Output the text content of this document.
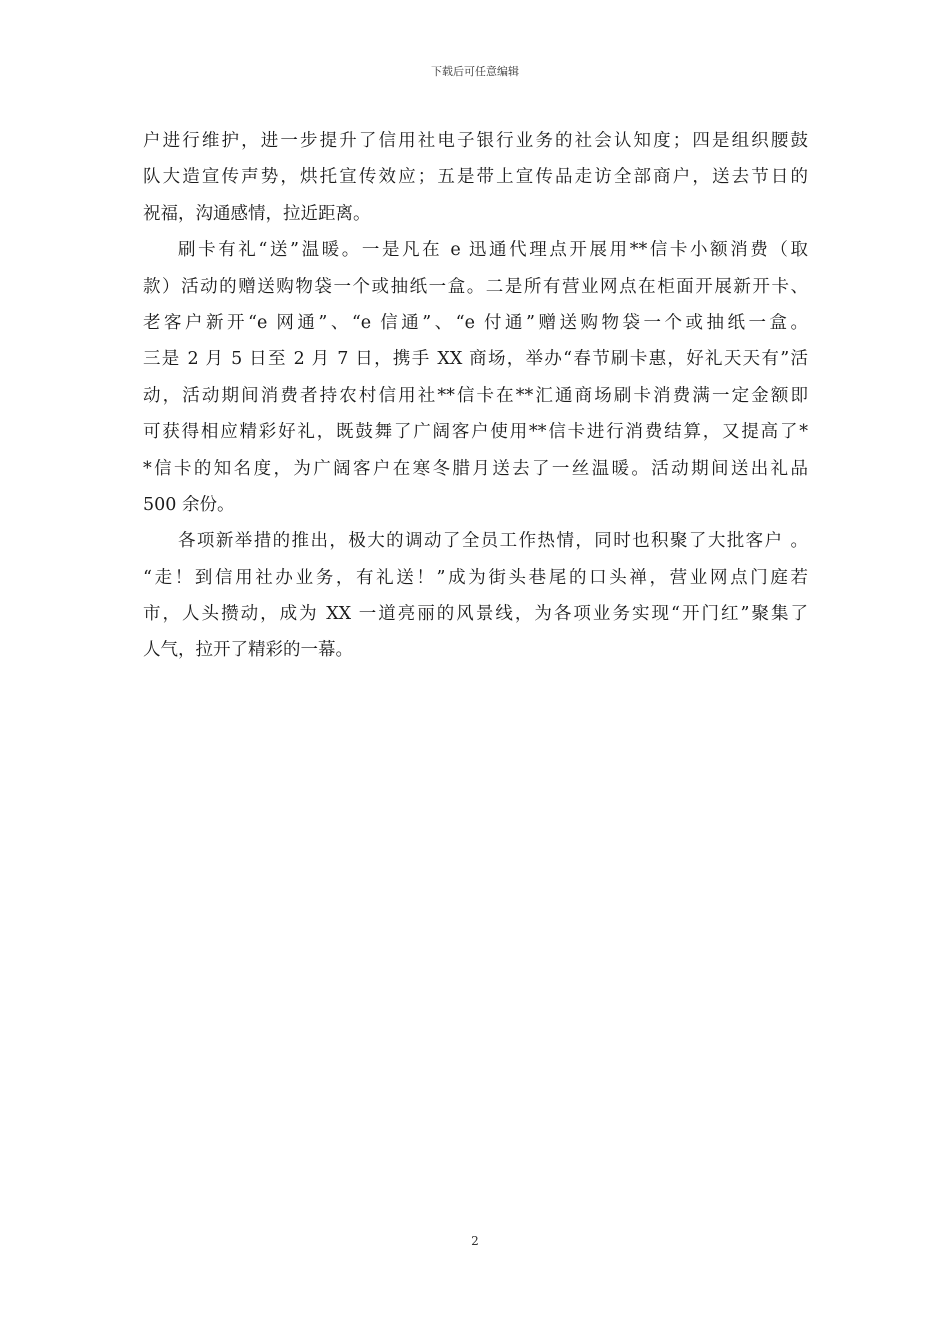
下载后可任意编辑
户进行维护，进一步提升了信用社电子银行业务的社会认知度；四是组织腰鼓
队大造宣传声势，烘托宣传效应；五是带上宣传品走访全部商户，送去节日的
祝福，沟通感情，拉近距离。
刷卡有礼“送”温暖。一是凡在 e 迅通代理点开展用**信卡小额消费（取
款）活动的赠送购物袋一个或抽纸一盒。二是所有营业网点在柜面开展新开卡、
老客户新开“e 网通”、“e 信通”、“e 付通”赠送购物袋一个或抽纸一盒。
三是 2 月 5 日至 2 月 7 日，携手 XX 商场，举办“春节刷卡惠，好礼天天有”活
动，活动期间消费者持农村信用社**信卡在**汇通商场刷卡消费满一定金额即
可获得相应精彩好礼，既鼓舞了广阔客户使用**信卡进行消费结算，又提高了*
*信卡的知名度，为广阔客户在寒冬腊月送去了一丝温暖。活动期间送出礼品
500 余份。
各项新举措的推出，极大的调动了全员工作热情，同时也积聚了大批客户 。
“走！到信用社办业务，有礼送！”成为街头巷尾的口头禅，营业网点门庭若
市，人头攒动，成为 XX 一道亮丽的风景线，为各项业务实现“开门红”聚集了
人气，拉开了精彩的一幕。
2
